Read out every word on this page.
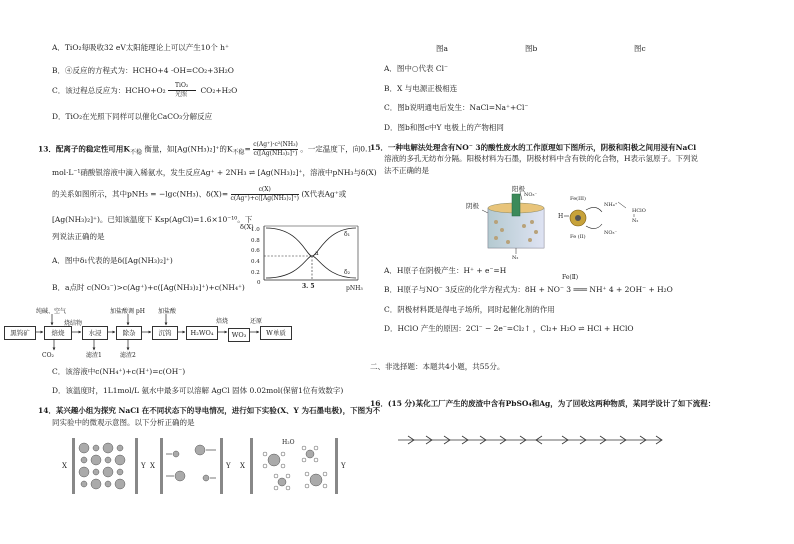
A．TiO₂每吸收32 eV太阳能理论上可以产生10个 h⁺
B．④反应的方程式为：HCHO+4 ·OH=CO₂+3H₂O
C．该过程总反应为：HCHO+O₂
TiO₂
光照 CO₂+H₂O
D．TiO₂在光照下同样可以催化CaCO₃分解反应
13．配离子的稳定性可用$K_{不稳}$ 衡量，如[Ag(NH₃)₂]⁺的$K_{不稳}= \frac{\text{c(Ag⁺)·c²(NH₃)}}{\text{c([Ag(NH₃)₂]⁺)}}$ 。一定温度下，向0.1
mol·L⁻¹硝酸银溶液中滴入稀氨水，发生反应Ag⁺ + 2NH₃ ⇌ [Ag(NH₃)₂]⁺，溶液中pNH₃与δ(X)
的关系如图所示，其中pNH₃ = −lgc(NH₃)、$\delta(X)= \frac{c(X)}{\text{c(Ag⁺)+c([Ag(NH₃)₂]⁺)}} (X$代表Ag⁺或
[Ag(NH₃)₂]⁺)。已知该温度下 Ksp(AgCl)=1.6×10⁻¹⁰。下
列说法正确的是
A．图中δ₁代表的是δ([Ag(NH₃)₂]⁺)
B．a点时 c(NO₃⁻)>c(Ag⁺)+c([Ag(NH₃)₂]⁺)+c(NH₄⁺)
δ(X)
1.0
0.8
0.6
0.4
0.2
0
a
δ₁
δ₂
3. 5	pNH₃
黑钨矿
纯碱、空气
焙烧
烧结物
CO₂
水浸
滤渣1
加盐酸调 pH
除杂
滤渣2
加盐酸
沉钨	H₂WO₄
焙烧
WO₃
还原
W单质
C．该溶液中c(NH₄⁺)+c(H⁺)=c(OH⁻)
D．该温度时，1L1mol/L 氨水中最多可以溶解 AgCl 固体 0.02mol(保留1位有效数字)
14．某兴趣小组为探究 NaCl 在不同状态下的导电情况，进行如下实验(X、Y 为石墨电极)，下图为不
同实验中的微观示意图。以下分析正确的是
X	Y X	Y X	Y
H₂O
图a	图b	图c
A．图中○代表 Cl⁻
B．X 与电源正极相连
C．图b说明通电后发生：NaCl=Na⁺+Cl⁻
D．图b和图c中Y 电极上的产物相同
15．一种电解法处理含有NO⁻ 3的酸性废水的工作原理如下图所示，阴极和阳极之间用浸有NaCl
溶液的多孔无纺布分隔。阳极材料为石墨，阴极材料中含有铁的化合物，H表示氢原子。下列说
法不正确的是
阳极
阴极
N₂
NO₃⁻
H
Fe(III)
Fe (II)
NH₄⁺
NO₃⁻
HClO
N₂
A．H原子在阴极产生：H⁺ + e⁻=H
Fe(Ⅱ)
B．H原子与NO⁻ 3反应的化学方程式为：8H + NO⁻ 3 ═══ NH⁺ 4 + 2OH⁻ + H₂O
C．阴极材料既是得电子场所，同时起催化剂的作用
D．HClO 产生的原因：2Cl⁻ − 2e⁻=Cl₂↑ ，Cl₂+ H₂O ⇌ HCl + HClO
二、非选择题：本题共4小题，共55分。
16．(15 分)某化工厂产生的废渣中含有PbSO₄和Ag，为了回收这两种物质，某同学设计了如下流程：
